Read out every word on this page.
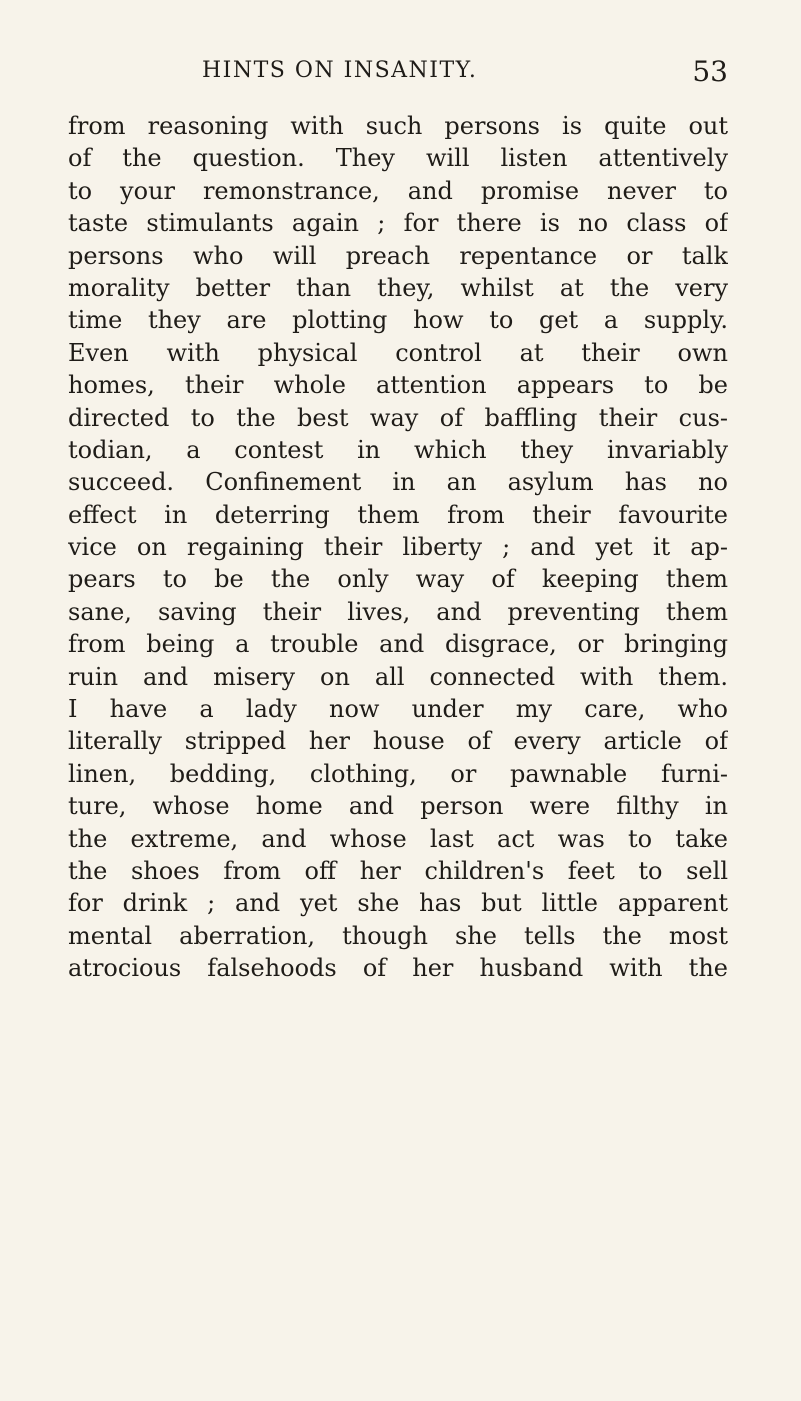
HINTS ON INSANITY.	53
from reasoning with such persons is quite out
of the question. They will listen attentively
to your remonstrance, and promise never to
taste stimulants again ; for there is no class of
persons who will preach repentance or talk
morality better than they, whilst at the very
time they are plotting how to get a supply.
Even with physical control at their own
homes, their whole attention appears to be
directed to the best way of baffling their cus-
todian, a contest in which they invariably
succeed. Confinement in an asylum has no
effect in deterring them from their favourite
vice on regaining their liberty ; and yet it ap-
pears to be the only way of keeping them
sane, saving their lives, and preventing them
from being a trouble and disgrace, or bringing
ruin and misery on all connected with them.
I have a lady now under my care, who
literally stripped her house of every article of
linen, bedding, clothing, or pawnable furni-
ture, whose home and person were filthy in
the extreme, and whose last act was to take
the shoes from off her children's feet to sell
for drink ; and yet she has but little apparent
mental aberration, though she tells the most
atrocious falsehoods of her husband with the
